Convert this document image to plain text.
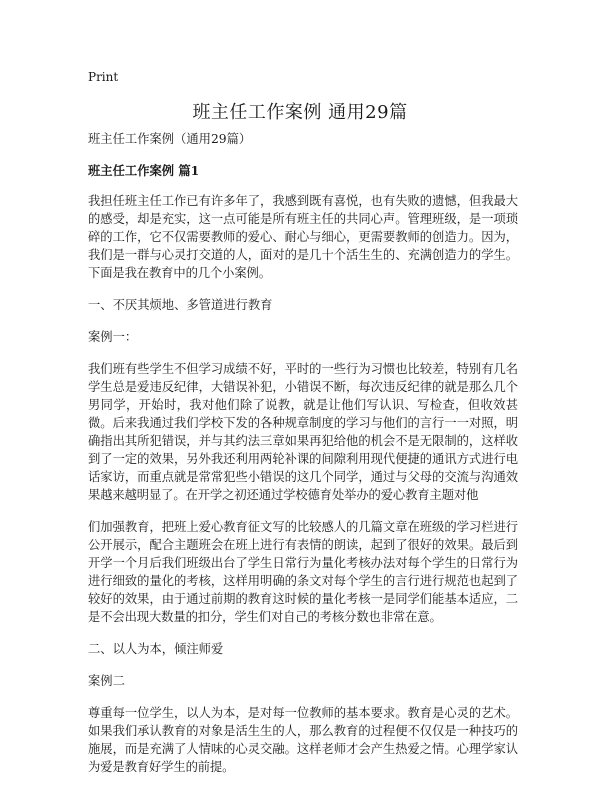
Print
班主任工作案例 通用29篇

班主任工作案例（通用29篇）

班主任工作案例 篇1

我担任班主任工作已有许多年了，我感到既有喜悦，也有失败的遗憾，但我最大的感受，却是充实，这一点可能是所有班主任的共同心声。管理班级，是一项琐碎的工作，它不仅需要教师的爱心、耐心与细心，更需要教师的创造力。因为，我们是一群与心灵打交道的人，面对的是几十个活生生的、充满创造力的学生。下面是我在教育中的几个小案例。

一、不厌其烦地、多管道进行教育

案例一：

我们班有些学生不但学习成绩不好，平时的一些行为习惯也比较差，特别有几名学生总是爱违反纪律，大错误补犯，小错误不断，每次违反纪律的就是那么几个男同学，开始时，我对他们除了说教，就是让他们写认识、写检查，但收效甚微。后来我通过我们学校下发的各种规章制度的学习与他们的言行一一对照，明确指出其所犯错误，并与其约法三章如果再犯给他的机会不是无限制的，这样收到了一定的效果，另外我还利用两轮补课的间隙利用现代便捷的通讯方式进行电话家访，而重点就是常常犯些小错误的这几个同学，通过与父母的交流与沟通效果越来越明显了。在开学之初还通过学校德育处举办的爱心教育主题对他

们加强教育，把班上爱心教育征文写的比较感人的几篇文章在班级的学习栏进行公开展示，配合主题班会在班上进行有表情的朗读，起到了很好的效果。最后到开学一个月后我们班级出台了学生日常行为量化考核办法对每个学生的日常行为进行细致的量化的考核，这样用明确的条文对每个学生的言行进行规范也起到了较好的效果，由于通过前期的教育这时候的量化考核一是同学们能基本适应，二是不会出现大数量的扣分，学生们对自己的考核分数也非常在意。

二、以人为本，倾注师爱

案例二

尊重每一位学生，以人为本，是对每一位教师的基本要求。教育是心灵的艺术。如果我们承认教育的对象是活生生的人，那么教育的过程便不仅仅是一种技巧的施展，而是充满了人情味的心灵交融。这样老师才会产生热爱之情。心理学家认为爱是教育好学生的前提。
